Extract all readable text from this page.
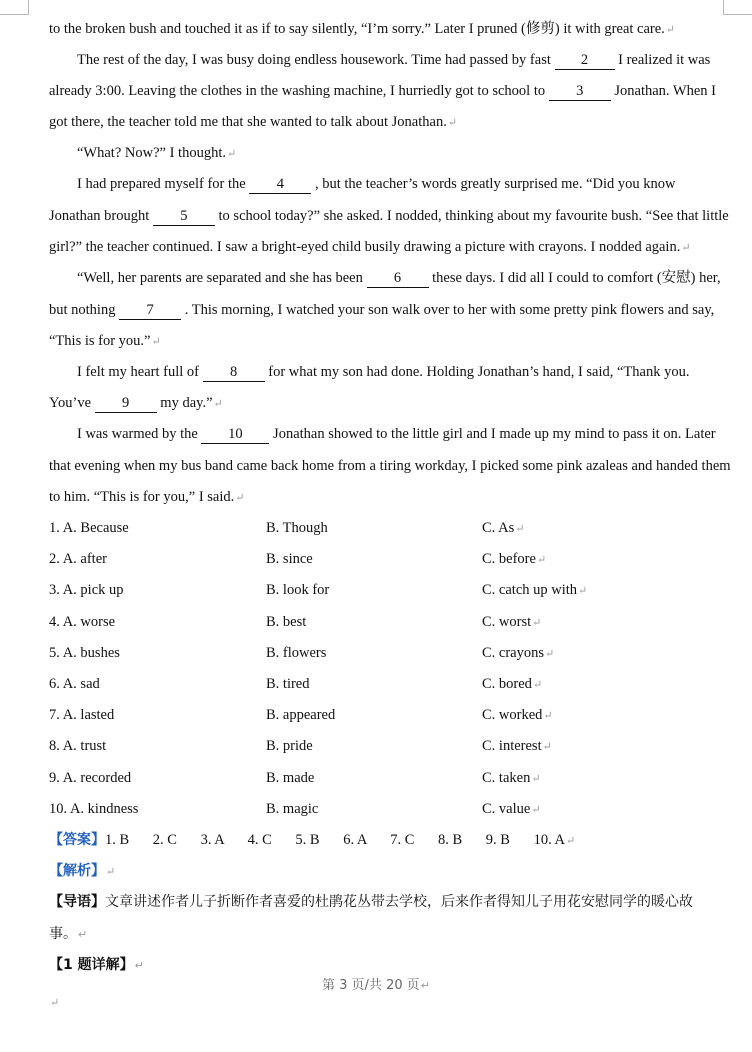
to the broken bush and touched it as if to say silently, “I’m sorry.” Later I pruned (修剪) it with great care.↵
The rest of the day, I was busy doing endless housework. Time had passed by fast 2 I realized it was
already 3:00. Leaving the clothes in the washing machine, I hurriedly got to school to 3 Jonathan. When I
got there, the teacher told me that she wanted to talk about Jonathan.↵
“What? Now?” I thought.↵
I had prepared myself for the 4 , but the teacher’s words greatly surprised me. “Did you know
Jonathan brought 5 to school today?” she asked. I nodded, thinking about my favourite bush. “See that little
girl?” the teacher continued. I saw a bright-eyed child busily drawing a picture with crayons. I nodded again.↵
“Well, her parents are separated and she has been 6 these days. I did all I could to comfort (安慰) her,
but nothing 7 . This morning, I watched your son walk over to her with some pretty pink flowers and say,
“This is for you.”↵
I felt my heart full of 8 for what my son had done. Holding Jonathan’s hand, I said, “Thank you.
You’ve 9 my day.”↵
I was warmed by the 10 Jonathan showed to the little girl and I made up my mind to pass it on. Later
that evening when my bus band came back home from a tiring workday, I picked some pink azaleas and handed them
to him. “This is for you,” I said.↵
1. A. Because	B. Though	C. As↵
2. A. after	B. since	C. before↵
3. A. pick up	B. look for	C. catch up with↵
4. A. worse	B. best	C. worst↵
5. A. bushes	B. flowers	C. crayons↵
6. A. sad	B. tired	C. bored↵
7. A. lasted	B. appeared	C. worked↵
8. A. trust	B. pride	C. interest↵
9. A. recorded	B. made	C. taken↵
10. A. kindness	B. magic	C. value↵
【答案】1. B 2. C 3. A 4. C 5. B 6. A 7. C 8. B 9. B 10. A↵
【解析】↵
【导语】文章讲述作者儿子折断作者喜爱的杜鹃花丛带去学校，后来作者得知儿子用花安慰同学的暖心故
事。↵
【1 题详解】↵
第 3 页/共 20 页↵
↵
